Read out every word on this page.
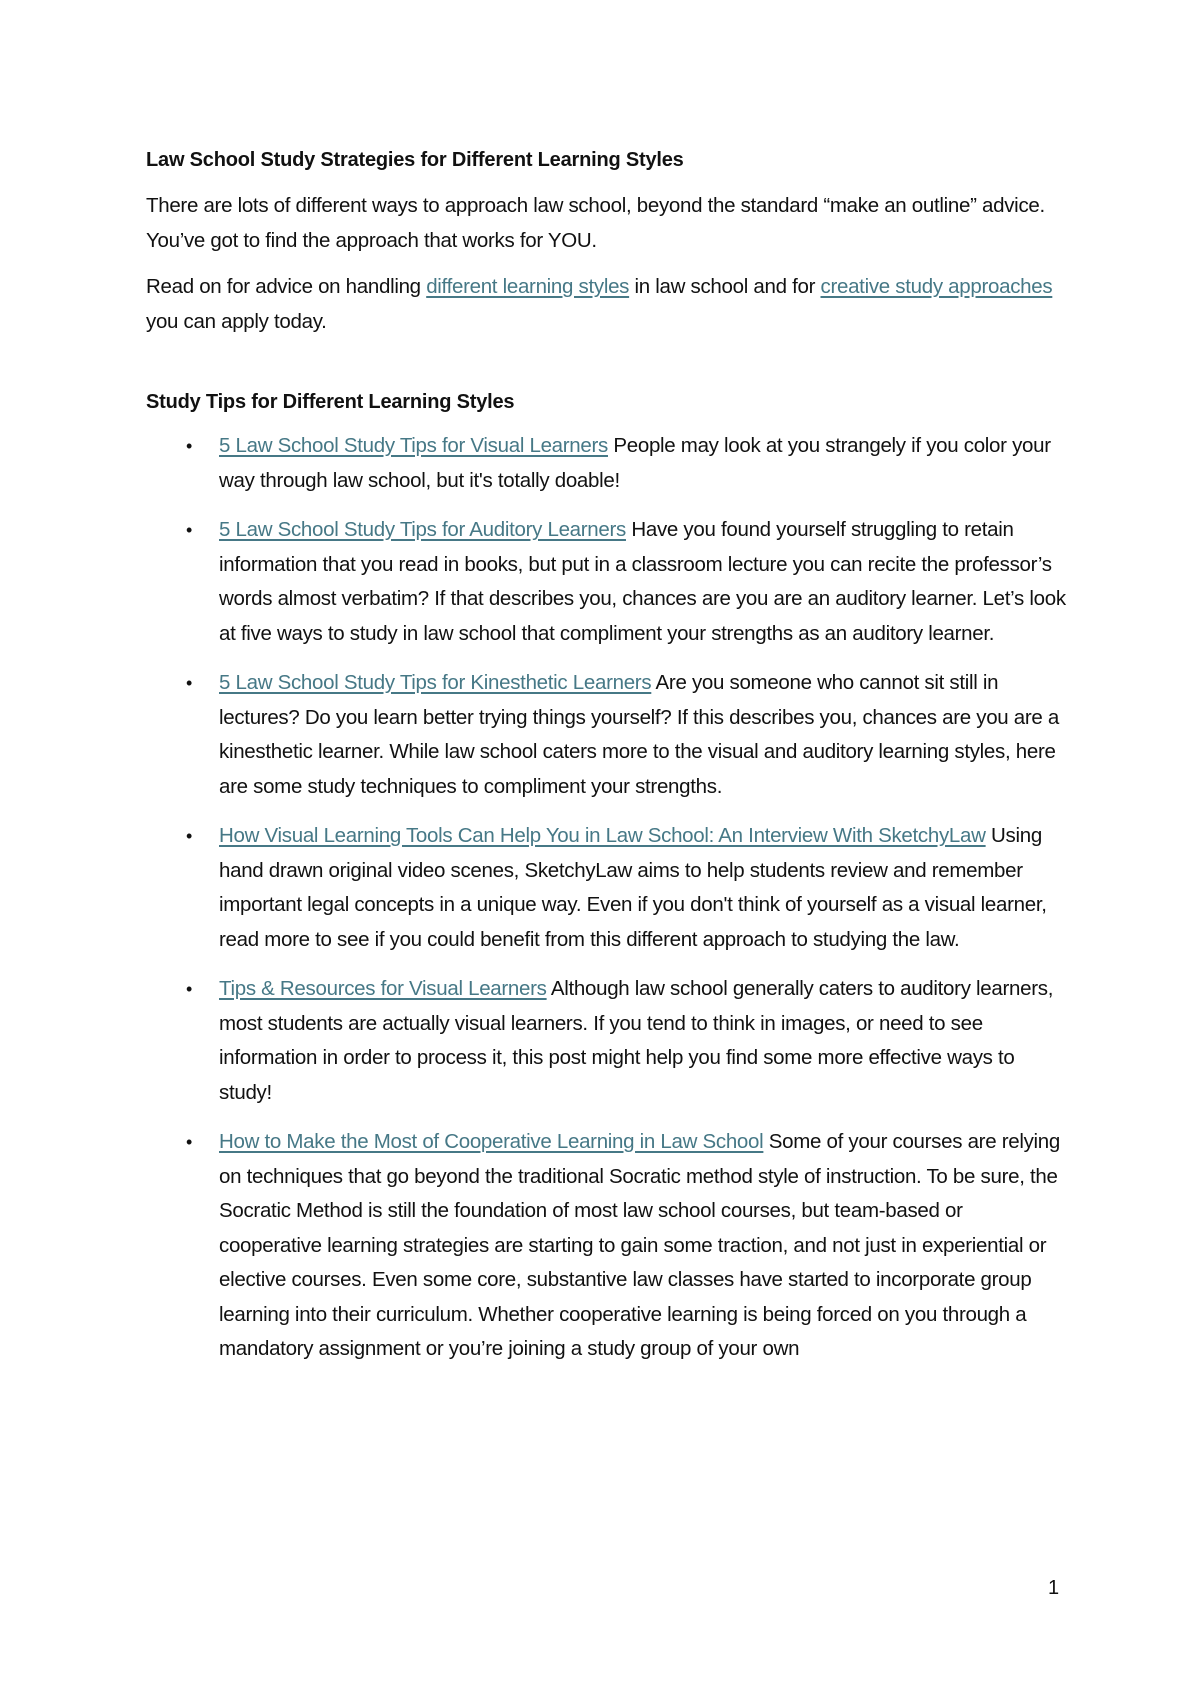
Law School Study Strategies for Different Learning Styles

There are lots of different ways to approach law school, beyond the standard “make an outline” advice. You’ve got to find the approach that works for YOU.

Read on for advice on handling different learning styles in law school and for creative study approaches you can apply today.

Study Tips for Different Learning Styles
• 5 Law School Study Tips for Visual Learners People may look at you strangely if you color your way through law school, but it's totally doable!
• 5 Law School Study Tips for Auditory Learners Have you found yourself struggling to retain information that you read in books, but put in a classroom lecture you can recite the professor’s words almost verbatim? If that describes you, chances are you are an auditory learner. Let’s look at five ways to study in law school that compliment your strengths as an auditory learner.
• 5 Law School Study Tips for Kinesthetic Learners Are you someone who cannot sit still in lectures? Do you learn better trying things yourself? If this describes you, chances are you are a kinesthetic learner. While law school caters more to the visual and auditory learning styles, here are some study techniques to compliment your strengths.
• How Visual Learning Tools Can Help You in Law School: An Interview With SketchyLaw Using hand drawn original video scenes, SketchyLaw aims to help students review and remember important legal concepts in a unique way. Even if you don't think of yourself as a visual learner, read more to see if you could benefit from this different approach to studying the law.
• Tips & Resources for Visual Learners Although law school generally caters to auditory learners, most students are actually visual learners. If you tend to think in images, or need to see information in order to process it, this post might help you find some more effective ways to study!
• How to Make the Most of Cooperative Learning in Law School Some of your courses are relying on techniques that go beyond the traditional Socratic method style of instruction. To be sure, the Socratic Method is still the foundation of most law school courses, but team-based or cooperative learning strategies are starting to gain some traction, and not just in experiential or elective courses. Even some core, substantive law classes have started to incorporate group learning into their curriculum. Whether cooperative learning is being forced on you through a mandatory assignment or you’re joining a study group of your own
1
